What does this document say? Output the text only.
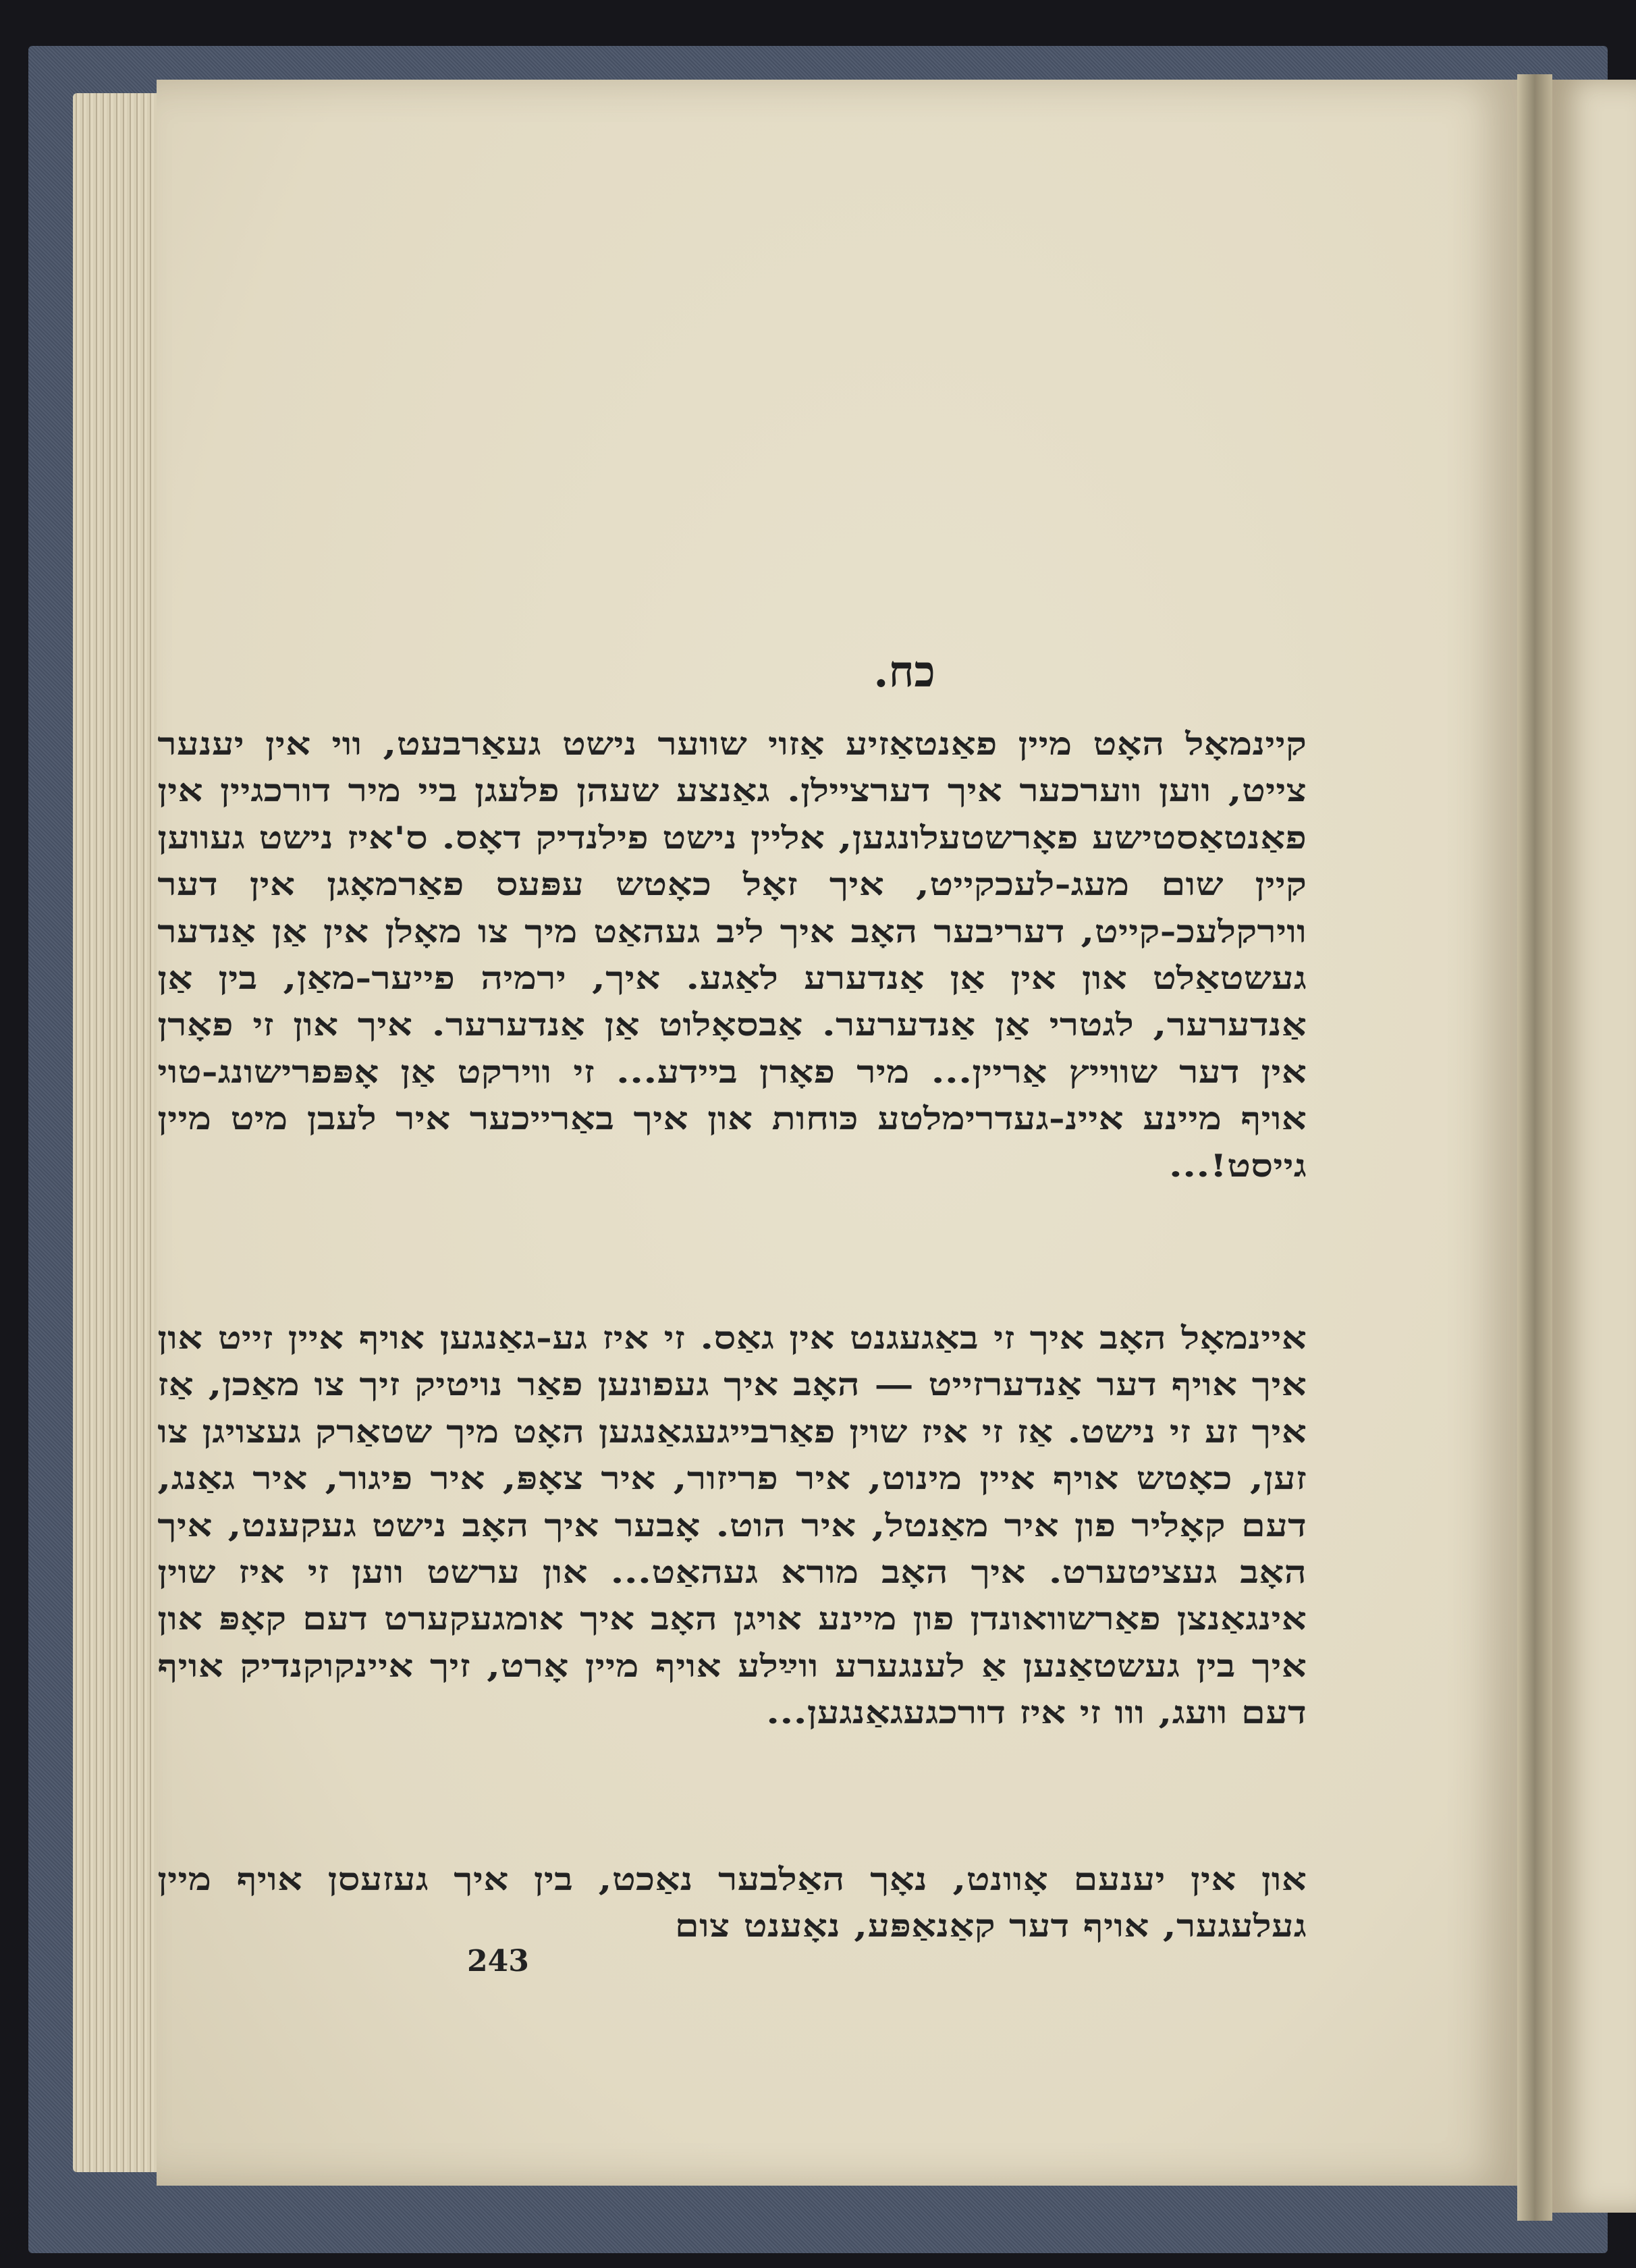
כח.
קיינמאָל האָט מיין פאַנטאַזיע אַזוי שווער נישט געאַרבעט, ווי אין יענער צייט, ווען ווערכער איך דערציילן. גאַנצע שעהן פלעגן ביי מיר דורכגיין אין פאַנטאַסטישע פאָרשטעלונגען, אליין נישט פילנדיק דאָס. ס'איז נישט געווען קיין שום מעג-לעכקייט, איך זאָל כאָטש עפּעס פאַרמאָגן אין דער ווירקלעכ-קייט, דעריבער האָב איך ליב געהאַט מיך צו מאָלן אין אַן אַנדער געשטאַלט און אין אַן אַנדערע לאַגע. איך, ירמיה פייער-מאַן, בין אַן אַנדערער, לגטרי אַן אַנדערער. אַבסאָלוט אַן אַנדערער. איך און זי פאָרן אין דער שווייץ אַריין... מיר פאָרן ביידע... זי ווירקט אַן אָפּפרישונג-טוי אויף מיינע איינ-געדרימלטע כּוחות און איך באַרייכער איר לעבן מיט מיין גייסט!...
איינמאָל האָב איך זי באַגעגנט אין גאַס. זי איז גע-גאַנגען אויף איין זייט און איך אויף דער אַנדערזייט — האָב איך געפונען פאַר נויטיק זיך צו מאַכן, אַז איך זע זי נישט. אַז זי איז שוין פאַרבייגעגאַנגען האָט מיך שטאַרק געצויגן צו זען, כאָטש אויף איין מינוט, איר פריזור, איר צאָפּ, איר פיגור, איר גאַנג, דעם קאָליר פון איר מאַנטל, איר הוט. אָבער איך האָב נישט געקענט, איך האָב געציטערט. איך האָב מורא געהאַט... און ערשט ווען זי איז שוין אינגאַנצן פאַרשוואונדן פון מיינע אויגן האָב איך אומגעקערט דעם קאָפּ און איך בין געשטאַנען אַ לענגערע ווײַלע אויף מיין אָרט, זיך איינקוקנדיק אויף דעם וועג, ווו זי איז דורכגעגאַנגען...
און אין יענעם אָוונט, נאָך האַלבער נאַכט, בין איך געזעסן אויף מיין געלעגער, אויף דער קאַנאַפּע, נאָענט צום
243
